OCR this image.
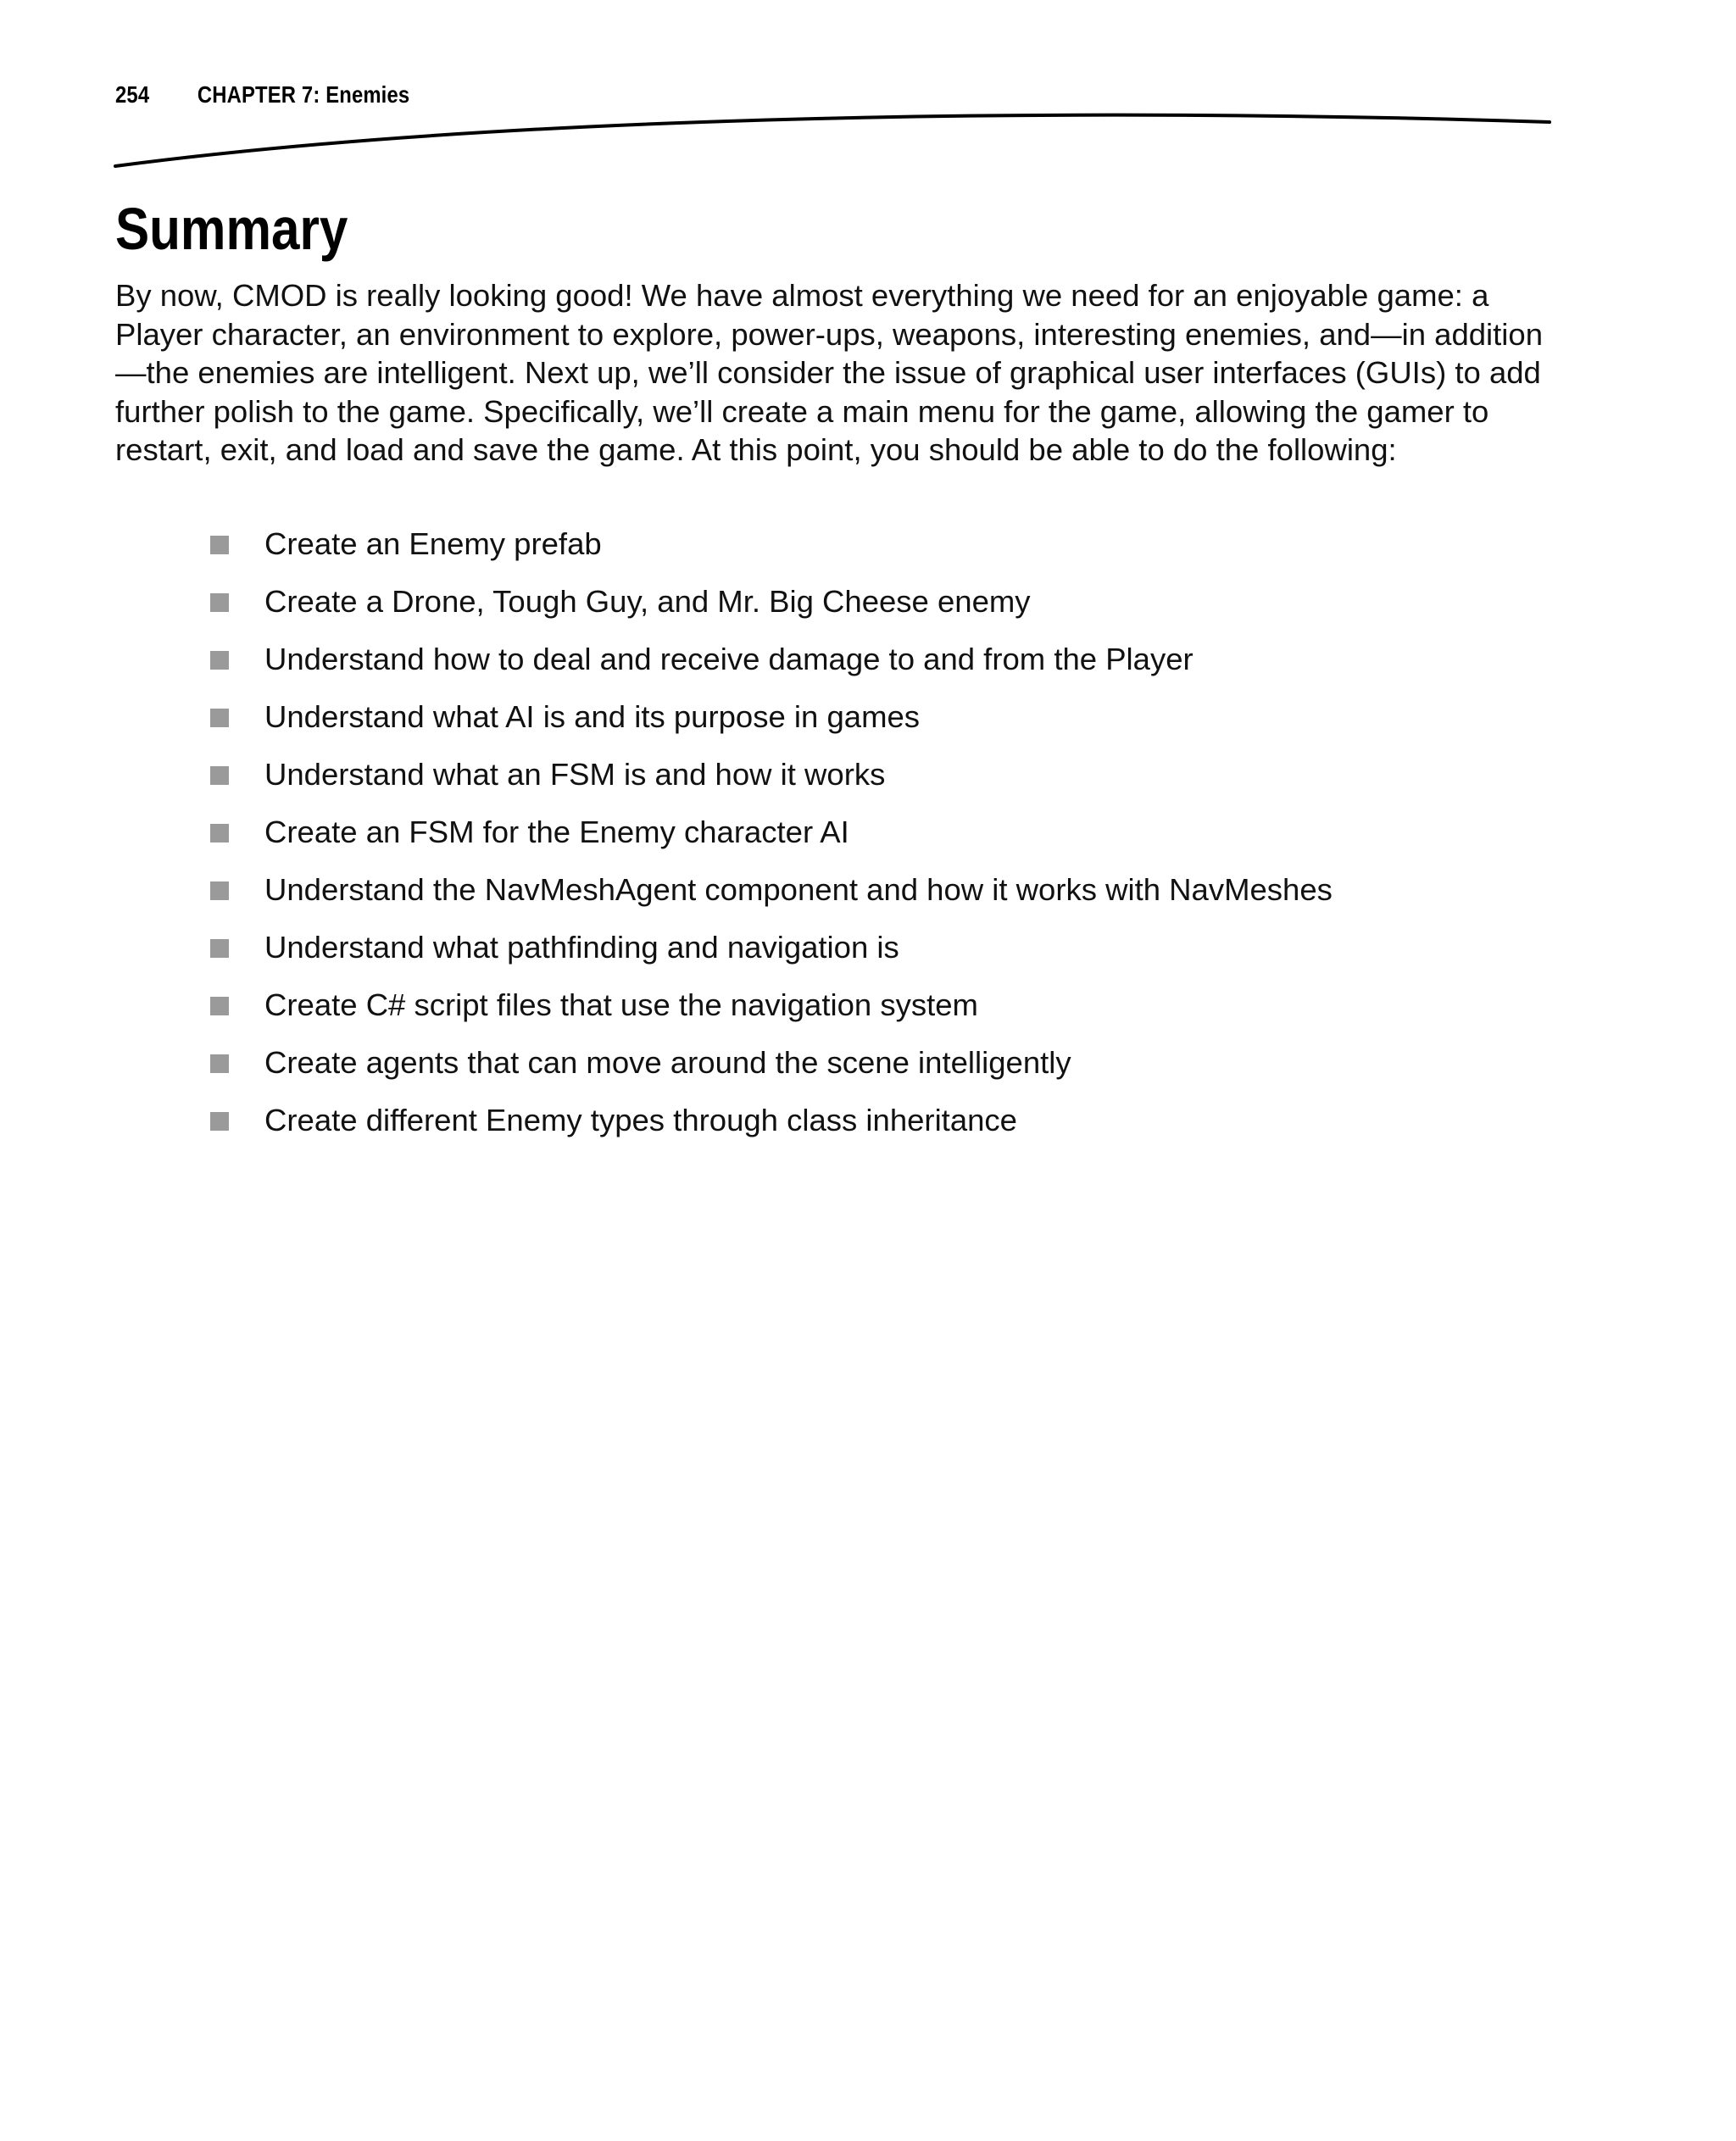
254 CHAPTER 7: Enemies
Summary

By now, CMOD is really looking good! We have almost everything we need for an enjoyable game: a Player character, an environment to explore, power-ups, weapons, interesting enemies, and—in addition—the enemies are intelligent. Next up, we’ll consider the issue of graphical user interfaces (GUIs) to add further polish to the game. Specifically, we’ll create a main menu for the game, allowing the gamer to restart, exit, and load and save the game. At this point, you should be able to do the following:

Create an Enemy prefab
Create a Drone, Tough Guy, and Mr. Big Cheese enemy
Understand how to deal and receive damage to and from the Player
Understand what AI is and its purpose in games
Understand what an FSM is and how it works
Create an FSM for the Enemy character AI
Understand the NavMeshAgent component and how it works with NavMeshes
Understand what pathfinding and navigation is
Create C# script files that use the navigation system
Create agents that can move around the scene intelligently
Create different Enemy types through class inheritance
